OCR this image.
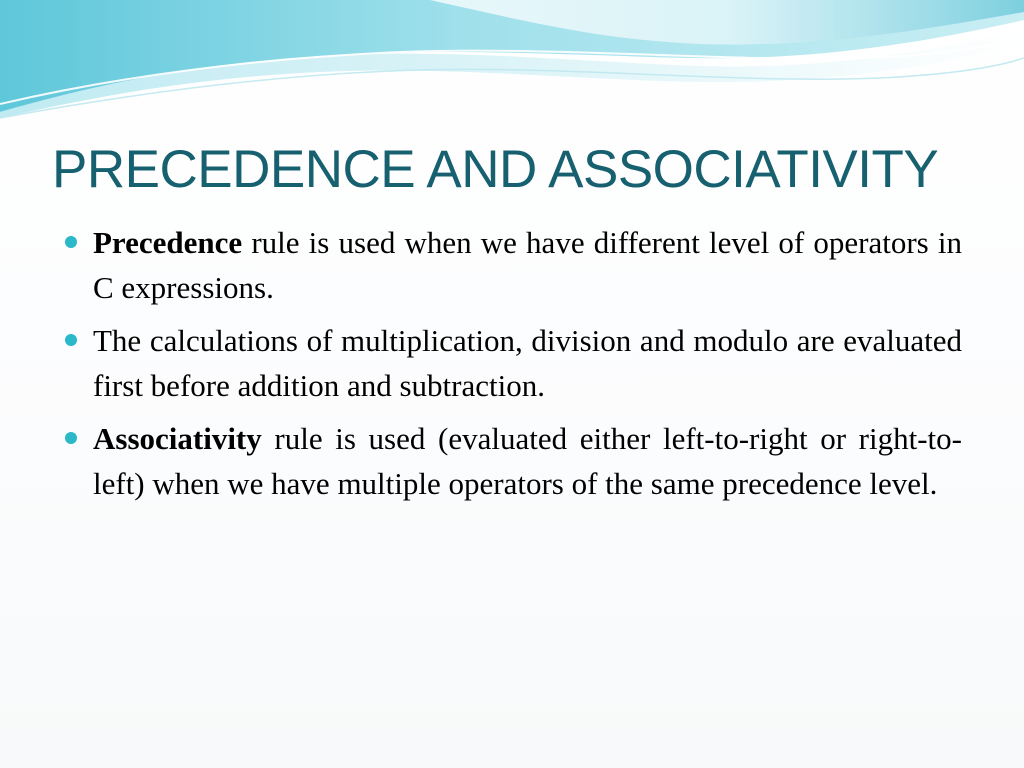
PRECEDENCE AND ASSOCIATIVITY
Precedence rule is used when we have different level of operators in C expressions.
The calculations of multiplication, division and modulo are evaluated first before addition and subtraction.
Associativity rule is used (evaluated either left-to-right or right-to-left) when we have multiple operators of the same precedence level.
